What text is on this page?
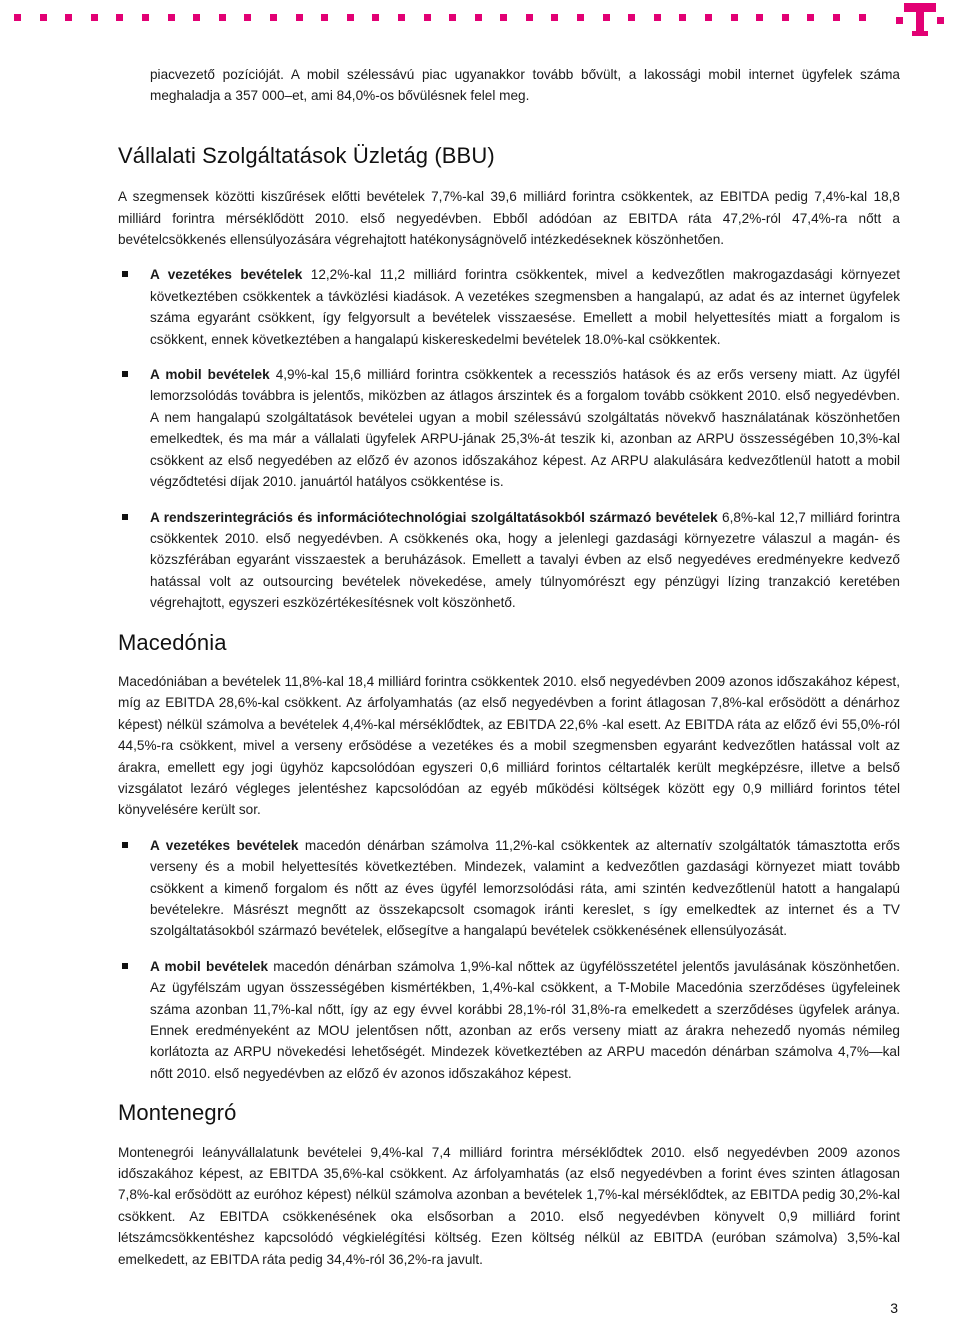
piacvezető pozícióját. A mobil szélessávú piac ugyanakkor tovább bővült, a lakossági mobil internet ügyfelek száma meghaladja a 357 000–et, ami 84,0%-os bővülésnek felel meg.

Vállalati Szolgáltatások Üzletág (BBU)

A szegmensek közötti kiszűrések előtti bevételek 7,7%-kal 39,6 milliárd forintra csökkentek, az EBITDA pedig 7,4%-kal 18,8 milliárd forintra mérséklődött 2010. első negyedévben. Ebből adódóan az EBITDA ráta 47,2%-ról 47,4%-ra nőtt a bevételcsökkenés ellensúlyozására végrehajtott hatékonyságnövelő intézkedéseknek köszönhetően.

A vezetékes bevételek 12,2%-kal 11,2 milliárd forintra csökkentek, mivel a kedvezőtlen makrogazdasági környezet következtében csökkentek a távközlési kiadások. A vezetékes szegmensben a hangalapú, az adat és az internet ügyfelek száma egyaránt csökkent, így felgyorsult a bevételek visszaesése. Emellett a mobil helyettesítés miatt a forgalom is csökkent, ennek következtében a hangalapú kiskereskedelmi bevételek 18.0%-kal csökkentek.
A mobil bevételek 4,9%-kal 15,6 milliárd forintra csökkentek a recessziós hatások és az erős verseny miatt. Az ügyfél lemorzsolódás továbbra is jelentős, miközben az átlagos árszintek és a forgalom tovább csökkent 2010. első negyedévben. A nem hangalapú szolgáltatások bevételei ugyan a mobil szélessávú szolgáltatás növekvő használatának köszönhetően emelkedtek, és ma már a vállalati ügyfelek ARPU-jának 25,3%-át teszik ki, azonban az ARPU összességében 10,3%-kal csökkent az első negyedében az előző év azonos időszakához képest. Az ARPU alakulására kedvezőtlenül hatott a mobil végződtetési díjak 2010. januártól hatályos csökkentése is.
A rendszerintegrációs és információtechnológiai szolgáltatásokból származó bevételek 6,8%-kal 12,7 milliárd forintra csökkentek 2010. első negyedévben. A csökkenés oka, hogy a jelenlegi gazdasági környezetre válaszul a magán- és közszférában egyaránt visszaestek a beruházások. Emellett a tavalyi évben az első negyedéves eredményekre kedvező hatással volt az outsourcing bevételek növekedése, amely túlnyomórészt egy pénzügyi lízing tranzakció keretében végrehajtott, egyszeri eszközértékesítésnek volt köszönhető.
Macedónia

Macedóniában a bevételek 11,8%-kal 18,4 milliárd forintra csökkentek 2010. első negyedévben 2009 azonos időszakához képest, míg az EBITDA 28,6%-kal csökkent. Az árfolyamhatás (az első negyedévben a forint átlagosan 7,8%-kal erősödött a dénárhoz képest) nélkül számolva a bevételek 4,4%-kal mérséklődtek, az EBITDA 22,6% -kal esett. Az EBITDA ráta az előző évi 55,0%-ról 44,5%-ra csökkent, mivel a verseny erősödése a vezetékes és a mobil szegmensben egyaránt kedvezőtlen hatással volt az árakra, emellett egy jogi ügyhöz kapcsolódóan egyszeri 0,6 milliárd forintos céltartalék került megképzésre, illetve a belső vizsgálatot lezáró végleges jelentéshez kapcsolódóan az egyéb működési költségek között egy 0,9 milliárd forintos tétel könyvelésére került sor.

A vezetékes bevételek macedón dénárban számolva 11,2%-kal csökkentek az alternatív szolgáltatók támasztotta erős verseny és a mobil helyettesítés következtében. Mindezek, valamint a kedvezőtlen gazdasági környezet miatt tovább csökkent a kimenő forgalom és nőtt az éves ügyfél lemorzsolódási ráta, ami szintén kedvezőtlenül hatott a hangalapú bevételekre. Másrészt megnőtt az összekapcsolt csomagok iránti kereslet, s így emelkedtek az internet és a TV szolgáltatásokból származó bevételek, elősegítve a hangalapú bevételek csökkenésének ellensúlyozását.
A mobil bevételek macedón dénárban számolva 1,9%-kal nőttek az ügyfélösszetétel jelentős javulásának köszönhetően. Az ügyfélszám ugyan összességében kismértékben, 1,4%-kal csökkent, a T-Mobile Macedónia szerződéses ügyfeleinek száma azonban 11,7%-kal nőtt, így az egy évvel korábbi 28,1%-ról 31,8%-ra emelkedett a szerződéses ügyfelek aránya. Ennek eredményeként az MOU jelentősen nőtt, azonban az erős verseny miatt az árakra nehezedő nyomás némileg korlátozta az ARPU növekedési lehetőségét. Mindezek következtében az ARPU macedón dénárban számolva 4,7%—kal nőtt 2010. első negyedévben az előző év azonos időszakához képest.
Montenegró

Montenegrói leányvállalatunk bevételei 9,4%-kal 7,4 milliárd forintra mérséklődtek 2010. első negyedévben 2009 azonos időszakához képest, az EBITDA 35,6%-kal csökkent. Az árfolyamhatás (az első negyedévben a forint éves szinten átlagosan 7,8%-kal erősödött az euróhoz képest) nélkül számolva azonban a bevételek 1,7%-kal mérséklődtek, az EBITDA pedig 30,2%-kal csökkent. Az EBITDA csökkenésének oka elsősorban a 2010. első negyedévben könyvelt 0,9 milliárd forint létszámcsökkentéshez kapcsolódó végkielégítési költség. Ezen költség nélkül az EBITDA (euróban számolva) 3,5%-kal emelkedett, az EBITDA ráta pedig 34,4%-ról 36,2%-ra javult.

3
